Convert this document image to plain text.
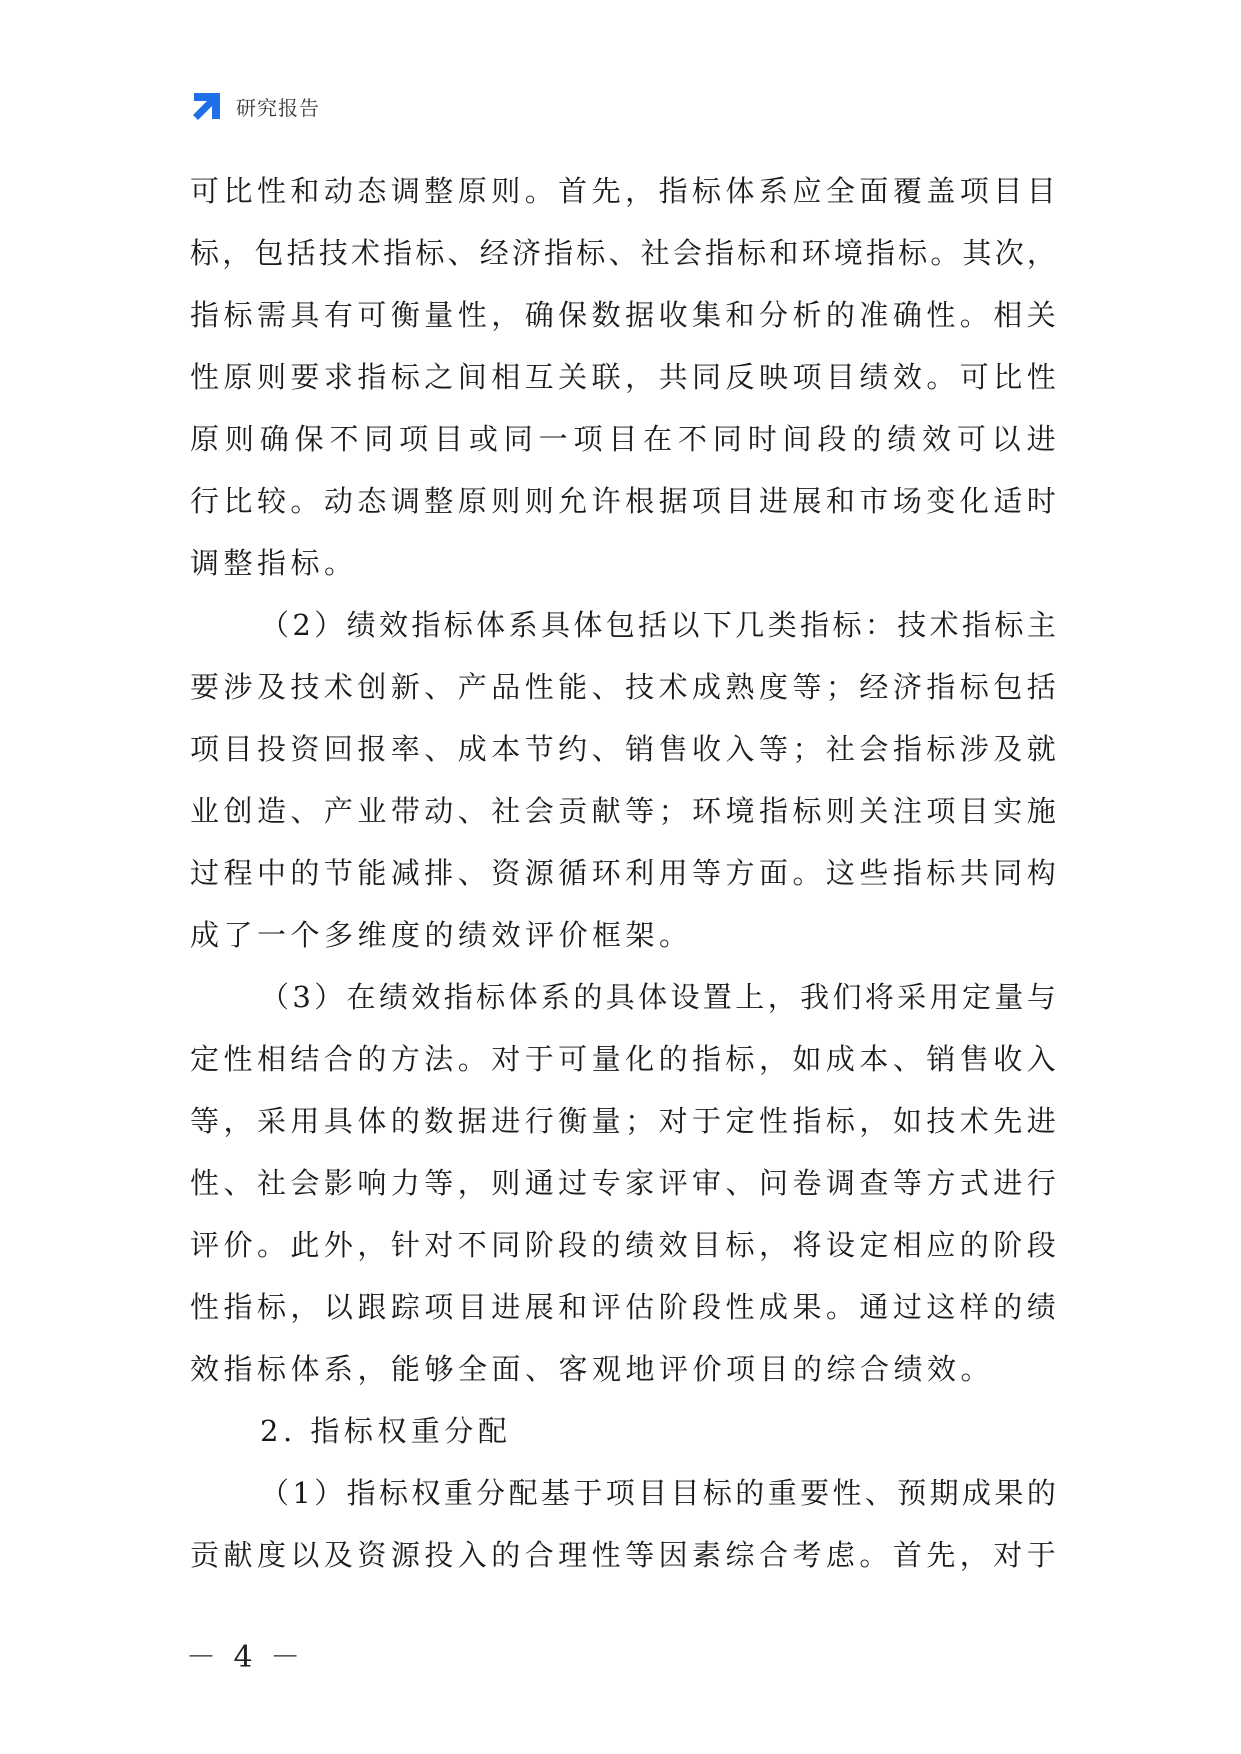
研究报告
可 比 性 和 动 态 调 整 原 则 。 首 先 ， 指 标 体 系 应 全 面 覆 盖 项 目 目
标 ， 包 括 技 术 指 标 、 经 济 指 标 、 社 会 指 标 和 环 境 指 标 。 其 次 ，
指 标 需 具 有 可 衡 量 性 ， 确 保 数 据 收 集 和 分 析 的 准 确 性 。 相 关
性 原 则 要 求 指 标 之 间 相 互 关 联 ， 共 同 反 映 项 目 绩 效 。 可 比 性
原 则 确 保 不 同 项 目 或 同 一 项 目 在 不 同 时 间 段 的 绩 效 可 以 进
行 比 较 。 动 态 调 整 原 则 则 允 许 根 据 项 目 进 展 和 市 场 变 化 适 时
调整指标。
（ 2 ） 绩 效 指 标 体 系 具 体 包 括 以 下 几 类 指 标 ： 技 术 指 标 主
要 涉 及 技 术 创 新 、 产 品 性 能 、 技 术 成 熟 度 等 ； 经 济 指 标 包 括
项 目 投 资 回 报 率 、 成 本 节 约 、 销 售 收 入 等 ； 社 会 指 标 涉 及 就
业 创 造 、 产 业 带 动 、 社 会 贡 献 等 ； 环 境 指 标 则 关 注 项 目 实 施
过 程 中 的 节 能 减 排 、 资 源 循 环 利 用 等 方 面 。 这 些 指 标 共 同 构
成了一个多维度的绩效评价框架。
（ 3 ） 在 绩 效 指 标 体 系 的 具 体 设 置 上 ， 我 们 将 采 用 定 量 与
定 性 相 结 合 的 方 法 。 对 于 可 量 化 的 指 标 ， 如 成 本 、 销 售 收 入
等 ， 采 用 具 体 的 数 据 进 行 衡 量 ； 对 于 定 性 指 标 ， 如 技 术 先 进
性 、 社 会 影 响 力 等 ， 则 通 过 专 家 评 审 、 问 卷 调 查 等 方 式 进 行
评 价 。 此 外 ， 针 对 不 同 阶 段 的 绩 效 目 标 ， 将 设 定 相 应 的 阶 段
性 指 标 ， 以 跟 踪 项 目 进 展 和 评 估 阶 段 性 成 果 。 通 过 这 样 的 绩
效指标体系，能够全面、客观地评价项目的综合绩效。
2. 指标权重分配
（ 1 ） 指 标 权 重 分 配 基 于 项 目 目 标 的 重 要 性 、 预 期 成 果 的
贡 献 度 以 及 资 源 投 入 的 合 理 性 等 因 素 综 合 考 虑 。 首 先 ， 对 于
－ 4 －
